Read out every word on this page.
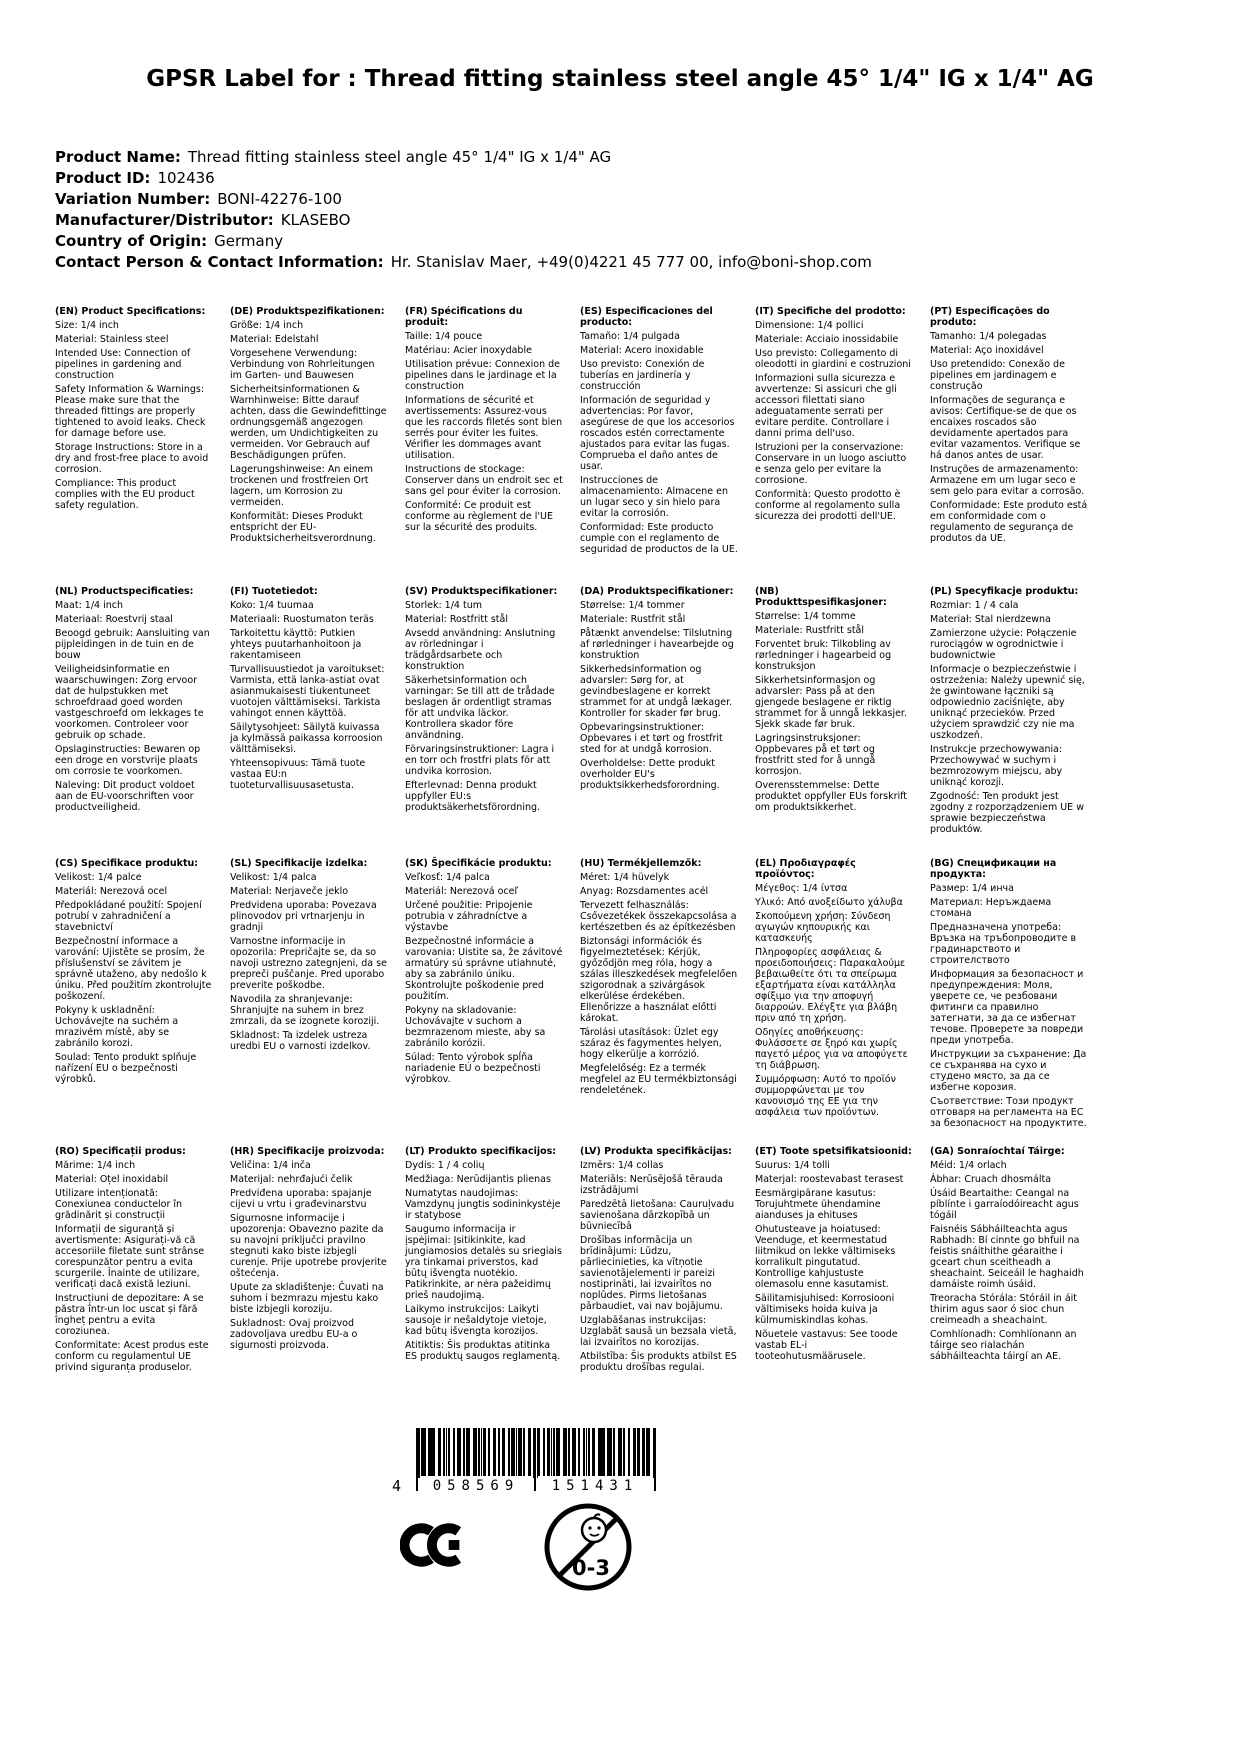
GPSR Label for : Thread fitting stainless steel angle 45° 1/4" IG x 1/4" AG
Product Name: Thread fitting stainless steel angle 45° 1/4" IG x 1/4" AG
Product ID: 102436
Variation Number: BONI-42276-100
Manufacturer/Distributor: KLASEBO
Country of Origin: Germany
Contact Person & Contact Information: Hr. Stanislav Maer, +49(0)4221 45 777 00, info@boni-shop.com
(EN) Product Specifications:
Size: 1/4 inch
Material: Stainless steel
Intended Use: Connection of pipelines in gardening and construction
Safety Information & Warnings: Please make sure that the threaded fittings are properly tightened to avoid leaks. Check for damage before use.
Storage Instructions: Store in a dry and frost-free place to avoid corrosion.
Compliance: This product complies with the EU product safety regulation.
(DE) Produktspezifikationen:
Größe: 1/4 inch
Material: Edelstahl
Vorgesehene Verwendung: Verbindung von Rohrleitungen im Garten- und Bauwesen
Sicherheitsinformationen & Warnhinweise: Bitte darauf achten, dass die Gewindefittinge ordnungsgemäß angezogen werden, um Undichtigkeiten zu vermeiden. Vor Gebrauch auf Beschädigungen prüfen.
Lagerungshinweise: An einem trockenen und frostfreien Ort lagern, um Korrosion zu vermeiden.
Konformität: Dieses Produkt entspricht der EU-Produktsicherheitsverordnung.
(FR) Spécifications du produit:
Taille: 1/4 pouce
Matériau: Acier inoxydable
Utilisation prévue: Connexion de pipelines dans le jardinage et la construction
Informations de sécurité et avertissements: Assurez-vous que les raccords filetés sont bien serrés pour éviter les fuites. Vérifier les dommages avant utilisation.
Instructions de stockage: Conserver dans un endroit sec et sans gel pour éviter la corrosion.
Conformité: Ce produit est conforme au règlement de l'UE sur la sécurité des produits.
(ES) Especificaciones del producto:
Tamaño: 1/4 pulgada
Material: Acero inoxidable
Uso previsto: Conexión de tuberías en jardinería y construcción
Información de seguridad y advertencias: Por favor, asegúrese de que los accesorios roscados estén correctamente ajustados para evitar las fugas. Comprueba el daño antes de usar.
Instrucciones de almacenamiento: Almacene en un lugar seco y sin hielo para evitar la corrosión.
Conformidad: Este producto cumple con el reglamento de seguridad de productos de la UE.
(IT) Specifiche del prodotto:
Dimensione: 1/4 pollici
Materiale: Acciaio inossidabile
Uso previsto: Collegamento di oleodotti in giardini e costruzioni
Informazioni sulla sicurezza e avvertenze: Si assicuri che gli accessori filettati siano adeguatamente serrati per evitare perdite. Controllare i danni prima dell'uso.
Istruzioni per la conservazione: Conservare in un luogo asciutto e senza gelo per evitare la corrosione.
Conformità: Questo prodotto è conforme al regolamento sulla sicurezza dei prodotti dell'UE.
(PT) Especificações do produto:
Tamanho: 1/4 polegadas
Material: Aço inoxidável
Uso pretendido: Conexão de pipelines em jardinagem e construção
Informações de segurança e avisos: Certifique-se de que os encaixes roscados são devidamente apertados para evitar vazamentos. Verifique se há danos antes de usar.
Instruções de armazenamento: Armazene em um lugar seco e sem gelo para evitar a corrosão.
Conformidade: Este produto está em conformidade com o regulamento de segurança de produtos da UE.
(NL) Productspecificaties:
Maat: 1/4 inch
Materiaal: Roestvrij staal
Beoogd gebruik: Aansluiting van pijpleidingen in de tuin en de bouw
Veiligheidsinformatie en waarschuwingen: Zorg ervoor dat de hulpstukken met schroefdraad goed worden vastgeschroefd om lekkages te voorkomen. Controleer voor gebruik op schade.
Opslaginstructies: Bewaren op een droge en vorstvrije plaats om corrosie te voorkomen.
Naleving: Dit product voldoet aan de EU-voorschriften voor productveiligheid.
(FI) Tuotetiedot:
Koko: 1/4 tuumaa
Materiaali: Ruostumaton teräs
Tarkoitettu käyttö: Putkien yhteys puutarhanhoitoon ja rakentamiseen
Turvallisuustiedot ja varoitukset: Varmista, että lanka-astiat ovat asianmukaisesti tiukentuneet vuotojen välttämiseksi. Tarkista vahingot ennen käyttöä.
Säilytysohjeet: Säilytä kuivassa ja kylmässä paikassa korroosion välttämiseksi.
Yhteensopivuus: Tämä tuote vastaa EU:n tuoteturvallisuusasetusta.
(SV) Produktspecifikationer:
Storlek: 1/4 tum
Material: Rostfritt stål
Avsedd användning: Anslutning av rörledningar i trädgårdsarbete och konstruktion
Säkerhetsinformation och varningar: Se till att de trådade beslagen är ordentligt stramas för att undvika läckor. Kontrollera skador före användning.
Förvaringsinstruktioner: Lagra i en torr och frostfri plats för att undvika korrosion.
Efterlevnad: Denna produkt uppfyller EU:s produktsäkerhetsförordning.
(DA) Produktspecifikationer:
Størrelse: 1/4 tommer
Materiale: Rustfrit stål
Påtænkt anvendelse: Tilslutning af rørledninger i havearbejde og konstruktion
Sikkerhedsinformation og advarsler: Sørg for, at gevindbeslagene er korrekt strammet for at undgå lækager. Kontroller for skader før brug.
Opbevaringsinstruktioner: Opbevares i et tørt og frostfrit sted for at undgå korrosion.
Overholdelse: Dette produkt overholder EU's produktsikkerhedsforordning.
(NB) Produkttspesifikasjoner:
Størrelse: 1/4 tomme
Materiale: Rustfritt stål
Forventet bruk: Tilkobling av rørledninger i hagearbeid og konstruksjon
Sikkerhetsinformasjon og advarsler: Pass på at den gjengede beslagene er riktig strammet for å unngå lekkasjer. Sjekk skade før bruk.
Lagringsinstruksjoner: Oppbevares på et tørt og frostfritt sted for å unngå korrosjon.
Overensstemmelse: Dette produktet oppfyller EUs forskrift om produktsikkerhet.
(PL) Specyfikacje produktu:
Rozmiar: 1 / 4 cala
Materiał: Stal nierdzewna
Zamierzone użycie: Połączenie rurociągów w ogrodnictwie i budownictwie
Informacje o bezpieczeństwie i ostrzeżenia: Należy upewnić się, że gwintowane łączniki są odpowiednio zaciśnięte, aby uniknąć przecieków. Przed użyciem sprawdzić czy nie ma uszkodzeń.
Instrukcje przechowywania: Przechowywać w suchym i bezmrozowym miejscu, aby uniknąć korozji.
Zgodność: Ten produkt jest zgodny z rozporządzeniem UE w sprawie bezpieczeństwa produktów.
(CS) Specifikace produktu:
Velikost: 1/4 palce
Materiál: Nerezová ocel
Předpokládané použití: Spojení potrubí v zahradničení a stavebnictví
Bezpečnostní informace a varování: Ujistěte se prosím, že příslušenství se závitem je správně utaženo, aby nedošlo k úniku. Před použitím zkontrolujte poškození.
Pokyny k uskladnění: Uchovávejte na suchém a mrazivém místě, aby se zabránilo korozi.
Soulad: Tento produkt splňuje nařízení EU o bezpečnosti výrobků.
(SL) Specifikacije izdelka:
Velikost: 1/4 palca
Material: Nerjaveče jeklo
Predvidena uporaba: Povezava plinovodov pri vrtnarjenju in gradnji
Varnostne informacije in opozorila: Prepričajte se, da so navoji ustrezno zategnjeni, da se prepreči puščanje. Pred uporabo preverite poškodbe.
Navodila za shranjevanje: Shranjujte na suhem in brez zmrzali, da se izognete koroziji.
Skladnost: Ta izdelek ustreza uredbi EU o varnosti izdelkov.
(SK) Špecifikácie produktu:
Veľkosť: 1/4 palca
Materiál: Nerezová oceľ
Určené použitie: Pripojenie potrubia v záhradníctve a výstavbe
Bezpečnostné informácie a varovania: Uistite sa, že závitové armatúry sú správne utiahnuté, aby sa zabránilo úniku. Skontrolujte poškodenie pred použitím.
Pokyny na skladovanie: Uchovávajte v suchom a bezmrazenom mieste, aby sa zabránilo korózii.
Súlad: Tento výrobok spĺňa nariadenie EÚ o bezpečnosti výrobkov.
(HU) Termékjellemzők:
Méret: 1/4 hüvelyk
Anyag: Rozsdamentes acél
Tervezett felhasználás: Csővezetékek összekapcsolása a kertészetben és az építkezésben
Biztonsági információk és figyelmeztetések: Kérjük, győződjön meg róla, hogy a szálas illeszkedések megfelelően szigorodnak a szivárgások elkerülése érdekében. Ellenőrizze a használat előtti károkat.
Tárolási utasítások: Üzlet egy száraz és fagymentes helyen, hogy elkerülje a korrózió.
Megfelelőség: Ez a termék megfelel az EU termékbiztonsági rendeletének.
(EL) Προδιαγραφές προϊόντος:
Μέγεθος: 1/4 ίντσα
Υλικό: Από ανοξείδωτο χάλυβα
Σκοπούμενη χρήση: Σύνδεση αγωγών κηπουρικής και κατασκευής
Πληροφορίες ασφάλειας & προειδοποιήσεις: Παρακαλούμε βεβαιωθείτε ότι τα σπείρωμα εξαρτήματα είναι κατάλληλα σφίξιμο για την αποφυγή διαρροών. Ελέγξτε για βλάβη πριν από τη χρήση.
Οδηγίες αποθήκευσης: Φυλάσσετε σε ξηρό και χωρίς παγετό μέρος για να αποφύγετε τη διάβρωση.
Συμμόρφωση: Αυτό το προϊόν συμμορφώνεται με τον κανονισμό της ΕΕ για την ασφάλεια των προϊόντων.
(BG) Спецификации на продукта:
Размер: 1/4 инча
Материал: Неръждаема стомана
Предназначена употреба: Връзка на тръбопроводите в градинарството и строителството
Информация за безопасност и предупреждения: Моля, уверете се, че резбовани фитинги са правилно затегнати, за да се избегнат течове. Проверете за повреди преди употреба.
Инструкции за съхранение: Да се съхранява на сухо и студено място, за да се избегне корозия.
Съответствие: Този продукт отговаря на регламента на ЕС за безопасност на продуктите.
(RO) Specificații produs:
Mărime: 1/4 inch
Material: Oțel inoxidabil
Utilizare intenționată: Conexiunea conductelor în grădinărit și construcții
Informații de siguranță și avertismente: Asigurați-vă că accesoriile filetate sunt strânse corespunzător pentru a evita scurgerile. Înainte de utilizare, verificați dacă există leziuni.
Instrucțiuni de depozitare: A se păstra într-un loc uscat și fără îngheț pentru a evita coroziunea.
Conformitate: Acest produs este conform cu regulamentul UE privind siguranța produselor.
(HR) Specifikacije proizvoda:
Veličina: 1/4 inča
Materijal: nehrđajući čelik
Predviđena uporaba: spajanje cijevi u vrtu i građevinarstvu
Sigurnosne informacije i upozorenja: Obavezno pazite da su navojni priključci pravilno stegnuti kako biste izbjegli curenje. Prije upotrebe provjerite oštećenja.
Upute za skladištenje: Čuvati na suhom i bezmrazu mjestu kako biste izbjegli koroziju.
Sukladnost: Ovaj proizvod zadovoljava uredbu EU-a o sigurnosti proizvoda.
(LT) Produkto specifikacijos:
Dydis: 1 / 4 colių
Medžiaga: Nerūdijantis plienas
Numatytas naudojimas: Vamzdynų jungtis sodininkystėje ir statybose
Saugumo informacija ir įspėjimai: Įsitikinkite, kad jungiamosios detalės su sriegiais yra tinkamai priverstos, kad būtų išvengta nuotėkio. Patikrinkite, ar nėra pažeidimų prieš naudojimą.
Laikymo instrukcijos: Laikyti sausoje ir nešaldytoje vietoje, kad būtų išvengta korozijos.
Atitiktis: Šis produktas atitinka ES produktų saugos reglamentą.
(LV) Produkta specifikācijas:
Izmērs: 1/4 collas
Materiāls: Nerūsējošā tērauda izstrādājumi
Paredzētā lietošana: Cauruļvadu savienošana dārzkopībā un būvniecībā
Drošības informācija un brīdinājumi: Lūdzu, pārliecinieties, ka vītņotie savienotājelementi ir pareizi nostiprināti, lai izvairītos no noplūdes. Pirms lietošanas pārbaudiet, vai nav bojājumu.
Uzglabāšanas instrukcijas: Uzglabāt sausā un bezsala vietā, lai izvairītos no korozijas.
Atbilstība: Šis produkts atbilst ES produktu drošības regulai.
(ET) Toote spetsifikatsioonid:
Suurus: 1/4 tolli
Materjal: roostevabast terasest
Eesmärgipärane kasutus: Torujuhtmete ühendamine aianduses ja ehituses
Ohutusteave ja hoiatused: Veenduge, et keermestatud liitmikud on lekke vältimiseks korralikult pingutatud. Kontrollige kahjustuste olemasolu enne kasutamist.
Säilitamisjuhised: Korrosiooni vältimiseks hoida kuiva ja külmumiskindlas kohas.
Nõuetele vastavus: See toode vastab EL-i tooteohutusmäärusele.
(GA) Sonraíochtaí Táirge:
Méid: 1/4 orlach
Ábhar: Cruach dhosmálta
Úsáid Beartaithe: Ceangal na píblínte i garraíodóireacht agus tógáil
Faisnéis Sábháilteachta agus Rabhadh: Bí cinnte go bhfuil na feistis snáithithe géaraithe i gceart chun sceitheadh a sheachaint. Seiceáil le haghaidh damáiste roimh úsáid.
Treoracha Stórála: Stóráil in áit thirim agus saor ó sioc chun creimeadh a sheachaint.
Comhlíonadh: Comhlíonann an táirge seo rialachán sábháilteachta táirgí an AE.
4	058569	151431
0-3
